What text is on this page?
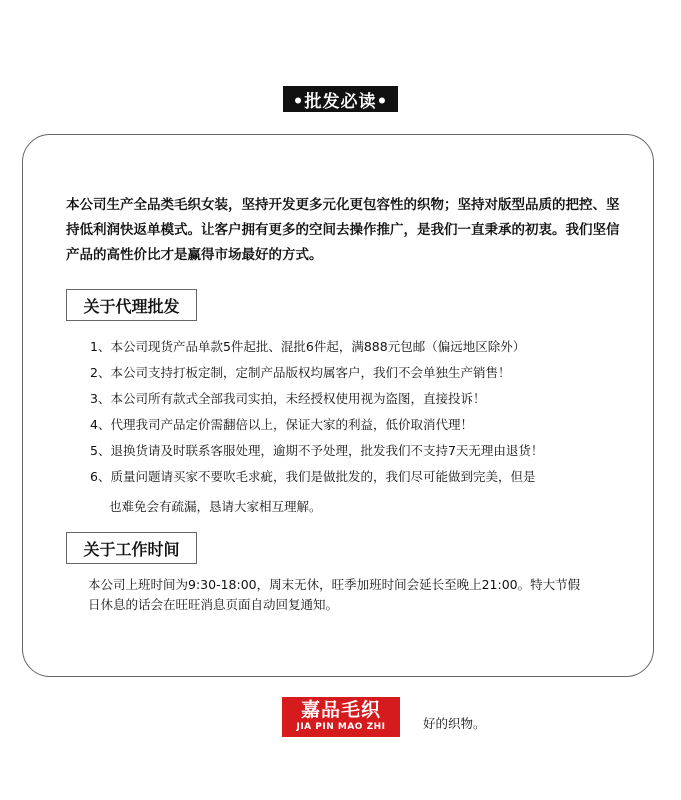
•批发必读•

本公司生产全品类毛织女装，坚持开发更多元化更包容性的织物；坚持对版型品质的把控、坚持低利润快返单模式。让客户拥有更多的空间去操作推广，是我们一直秉承的初衷。我们坚信产品的高性价比才是赢得市场最好的方式。

关于代理批发
1、本公司现货产品单款5件起批、混批6件起，满888元包邮（偏远地区除外）
2、本公司支持打板定制，定制产品版权均属客户，我们不会单独生产销售！
3、本公司所有款式全部我司实拍，未经授权使用视为盗图，直接投诉！
4、代理我司产品定价需翻倍以上，保证大家的利益，低价取消代理！
5、退换货请及时联系客服处理，逾期不予处理，批发我们不支持7天无理由退货！
6、质量问题请买家不要吹毛求疵，我们是做批发的，我们尽可能做到完美，但是
也难免会有疏漏，恳请大家相互理解。
关于工作时间

本公司上班时间为9:30-18:00，周末无休，旺季加班时间会延长至晚上21:00。特大节假日休息的话会在旺旺消息页面自动回复通知。

嘉品毛织
JIA PIN MAO ZHI	好的织物。
